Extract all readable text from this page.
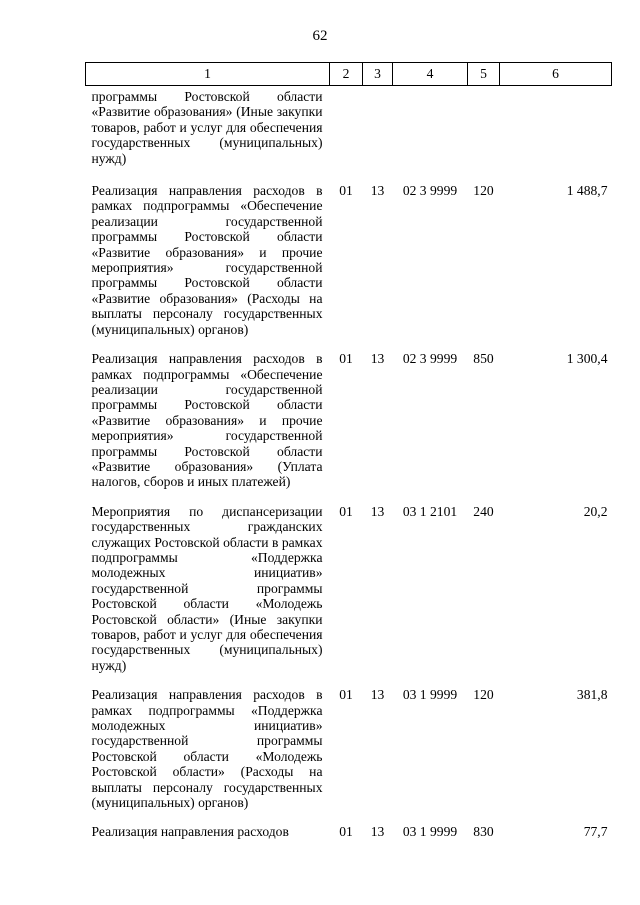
62
1	2	3	4	5	6
программы Ростовской области «Развитие образования» (Иные закупки товаров, работ и услуг для обеспечения государственных (муниципальных) нужд)					
Реализация направления расходов в рамках подпрограммы «Обеспечение реализации государственной программы Ростовской области «Развитие образования» и прочие мероприятия» государственной программы Ростовской области «Развитие образования» (Расходы на выплаты персоналу государственных (муниципальных) органов)	01	13	02 3 9999	120	1 488,7
Реализация направления расходов в рамках подпрограммы «Обеспечение реализации государственной программы Ростовской области «Развитие образования» и прочие мероприятия» государственной программы Ростовской области «Развитие образования» (Уплата налогов, сборов и иных платежей)	01	13	02 3 9999	850	1 300,4
Мероприятия по диспансеризации государственных гражданских служащих Ростовской области в рамках подпрограммы «Поддержка молодежных инициатив» государственной программы Ростовской области «Молодежь Ростовской области» (Иные закупки товаров, работ и услуг для обеспечения государственных (муниципальных) нужд)	01	13	03 1 2101	240	20,2
Реализация направления расходов в рамках подпрограммы «Поддержка молодежных инициатив» государственной программы Ростовской области «Молодежь Ростовской области» (Расходы на выплаты персоналу государственных (муниципальных) органов)	01	13	03 1 9999	120	381,8
Реализация направления расходов	01	13	03 1 9999	830	77,7
